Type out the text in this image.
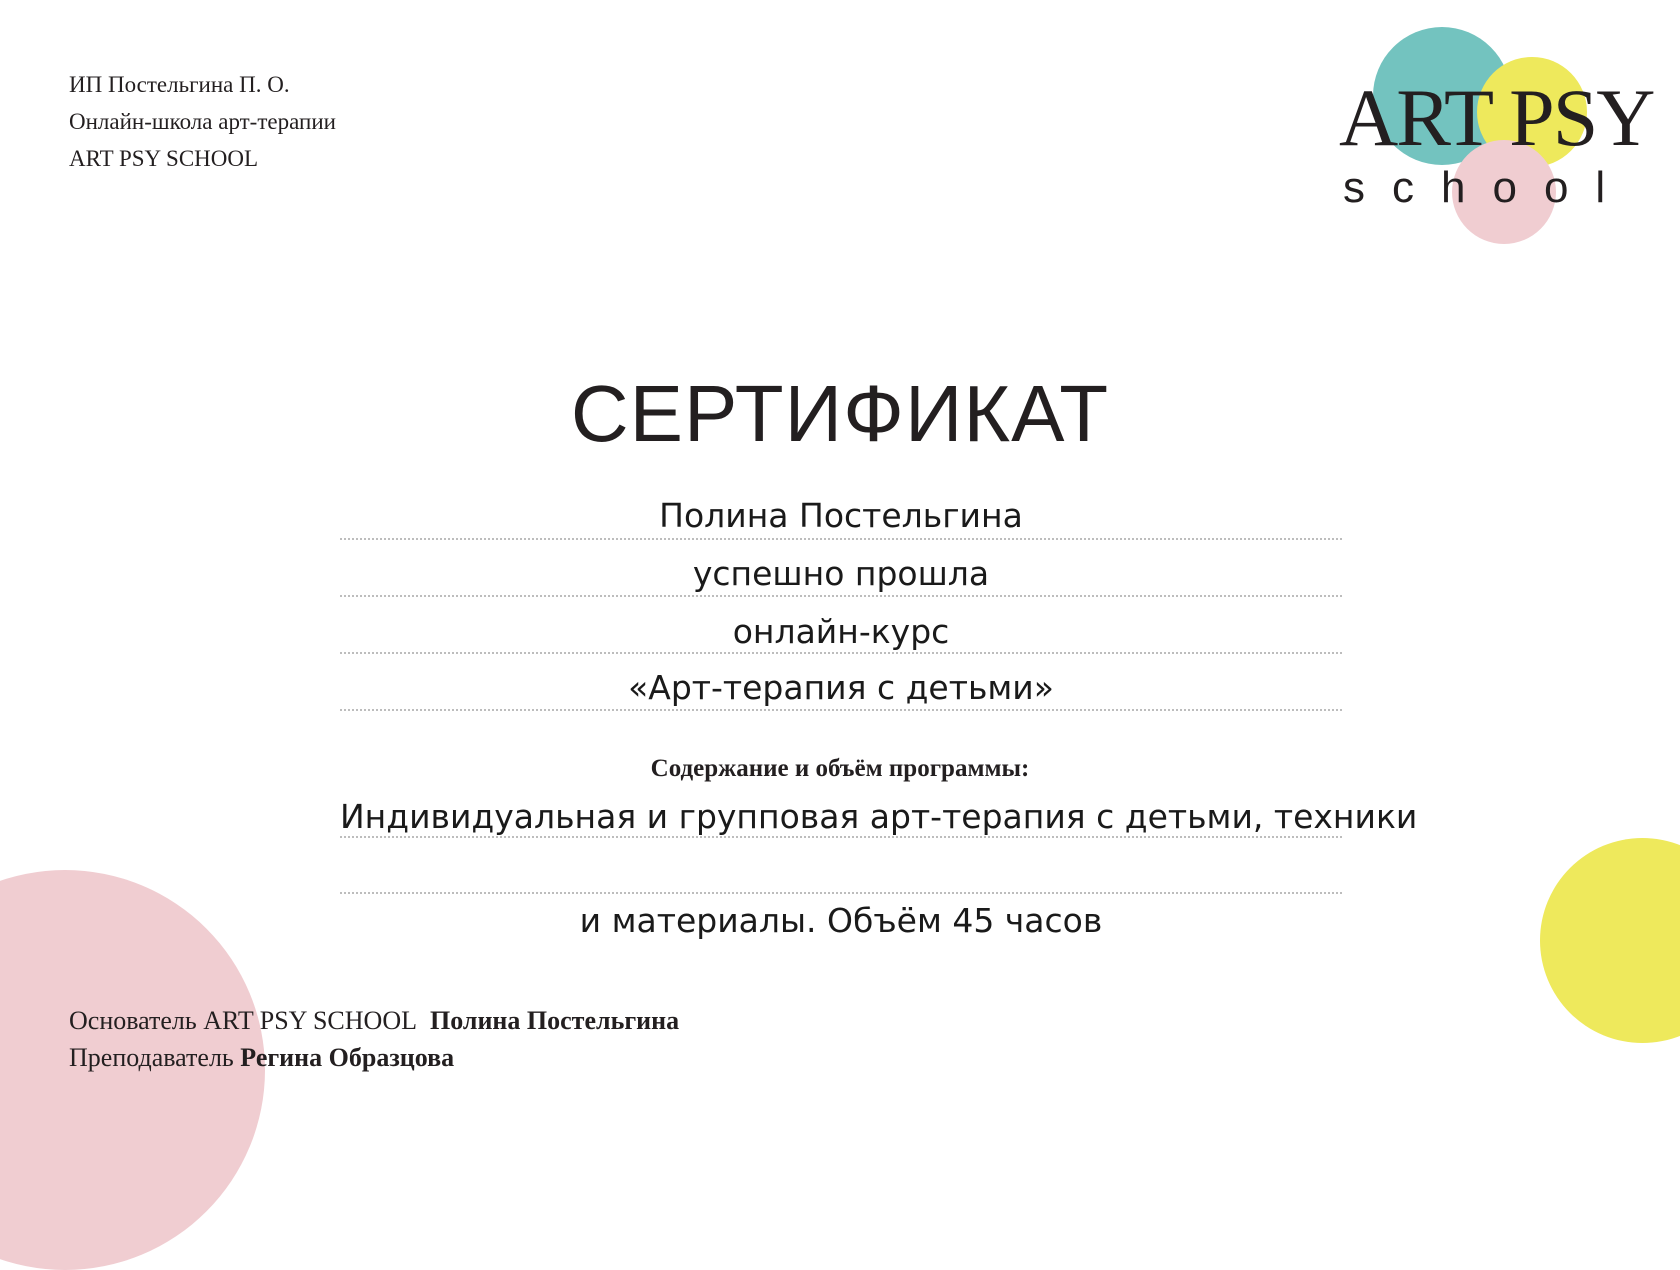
ИП Постельгина П. О.
Онлайн-школа арт-терапии
ART PSY SCHOOL	ART PSY
school
СЕРТИФИКАТ
Полина Постельгина
успешно прошла
онлайн-курс
«Арт-терапия с детьми»
Содержание и объём программы:
Индивидуальная и групповая арт-терапия с детьми, техники
и материалы. Объём 45 часов
Основатель ART PSY SCHOOL Полина Постельгина
Преподаватель Регина Образцова
